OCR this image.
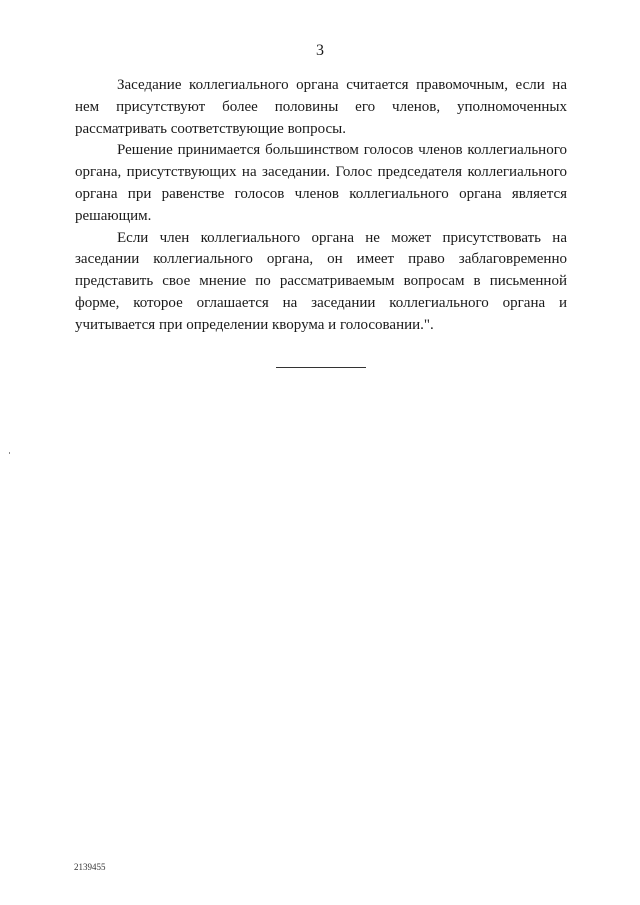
3

Заседание коллегиального органа считается правомочным, если на нем присутствуют более половины его членов, уполномоченных рассматривать соответствующие вопросы.

Решение принимается большинством голосов членов коллегиального органа, присутствующих на заседании. Голос председателя коллегиального органа при равенстве голосов членов коллегиального органа является решающим.

Если член коллегиального органа не может присутствовать на заседании коллегиального органа, он имеет право заблаговременно представить свое мнение по рассматриваемым вопросам в письменной форме, которое оглашается на заседании коллегиального органа и учитывается при определении кворума и голосовании.".

2139455
